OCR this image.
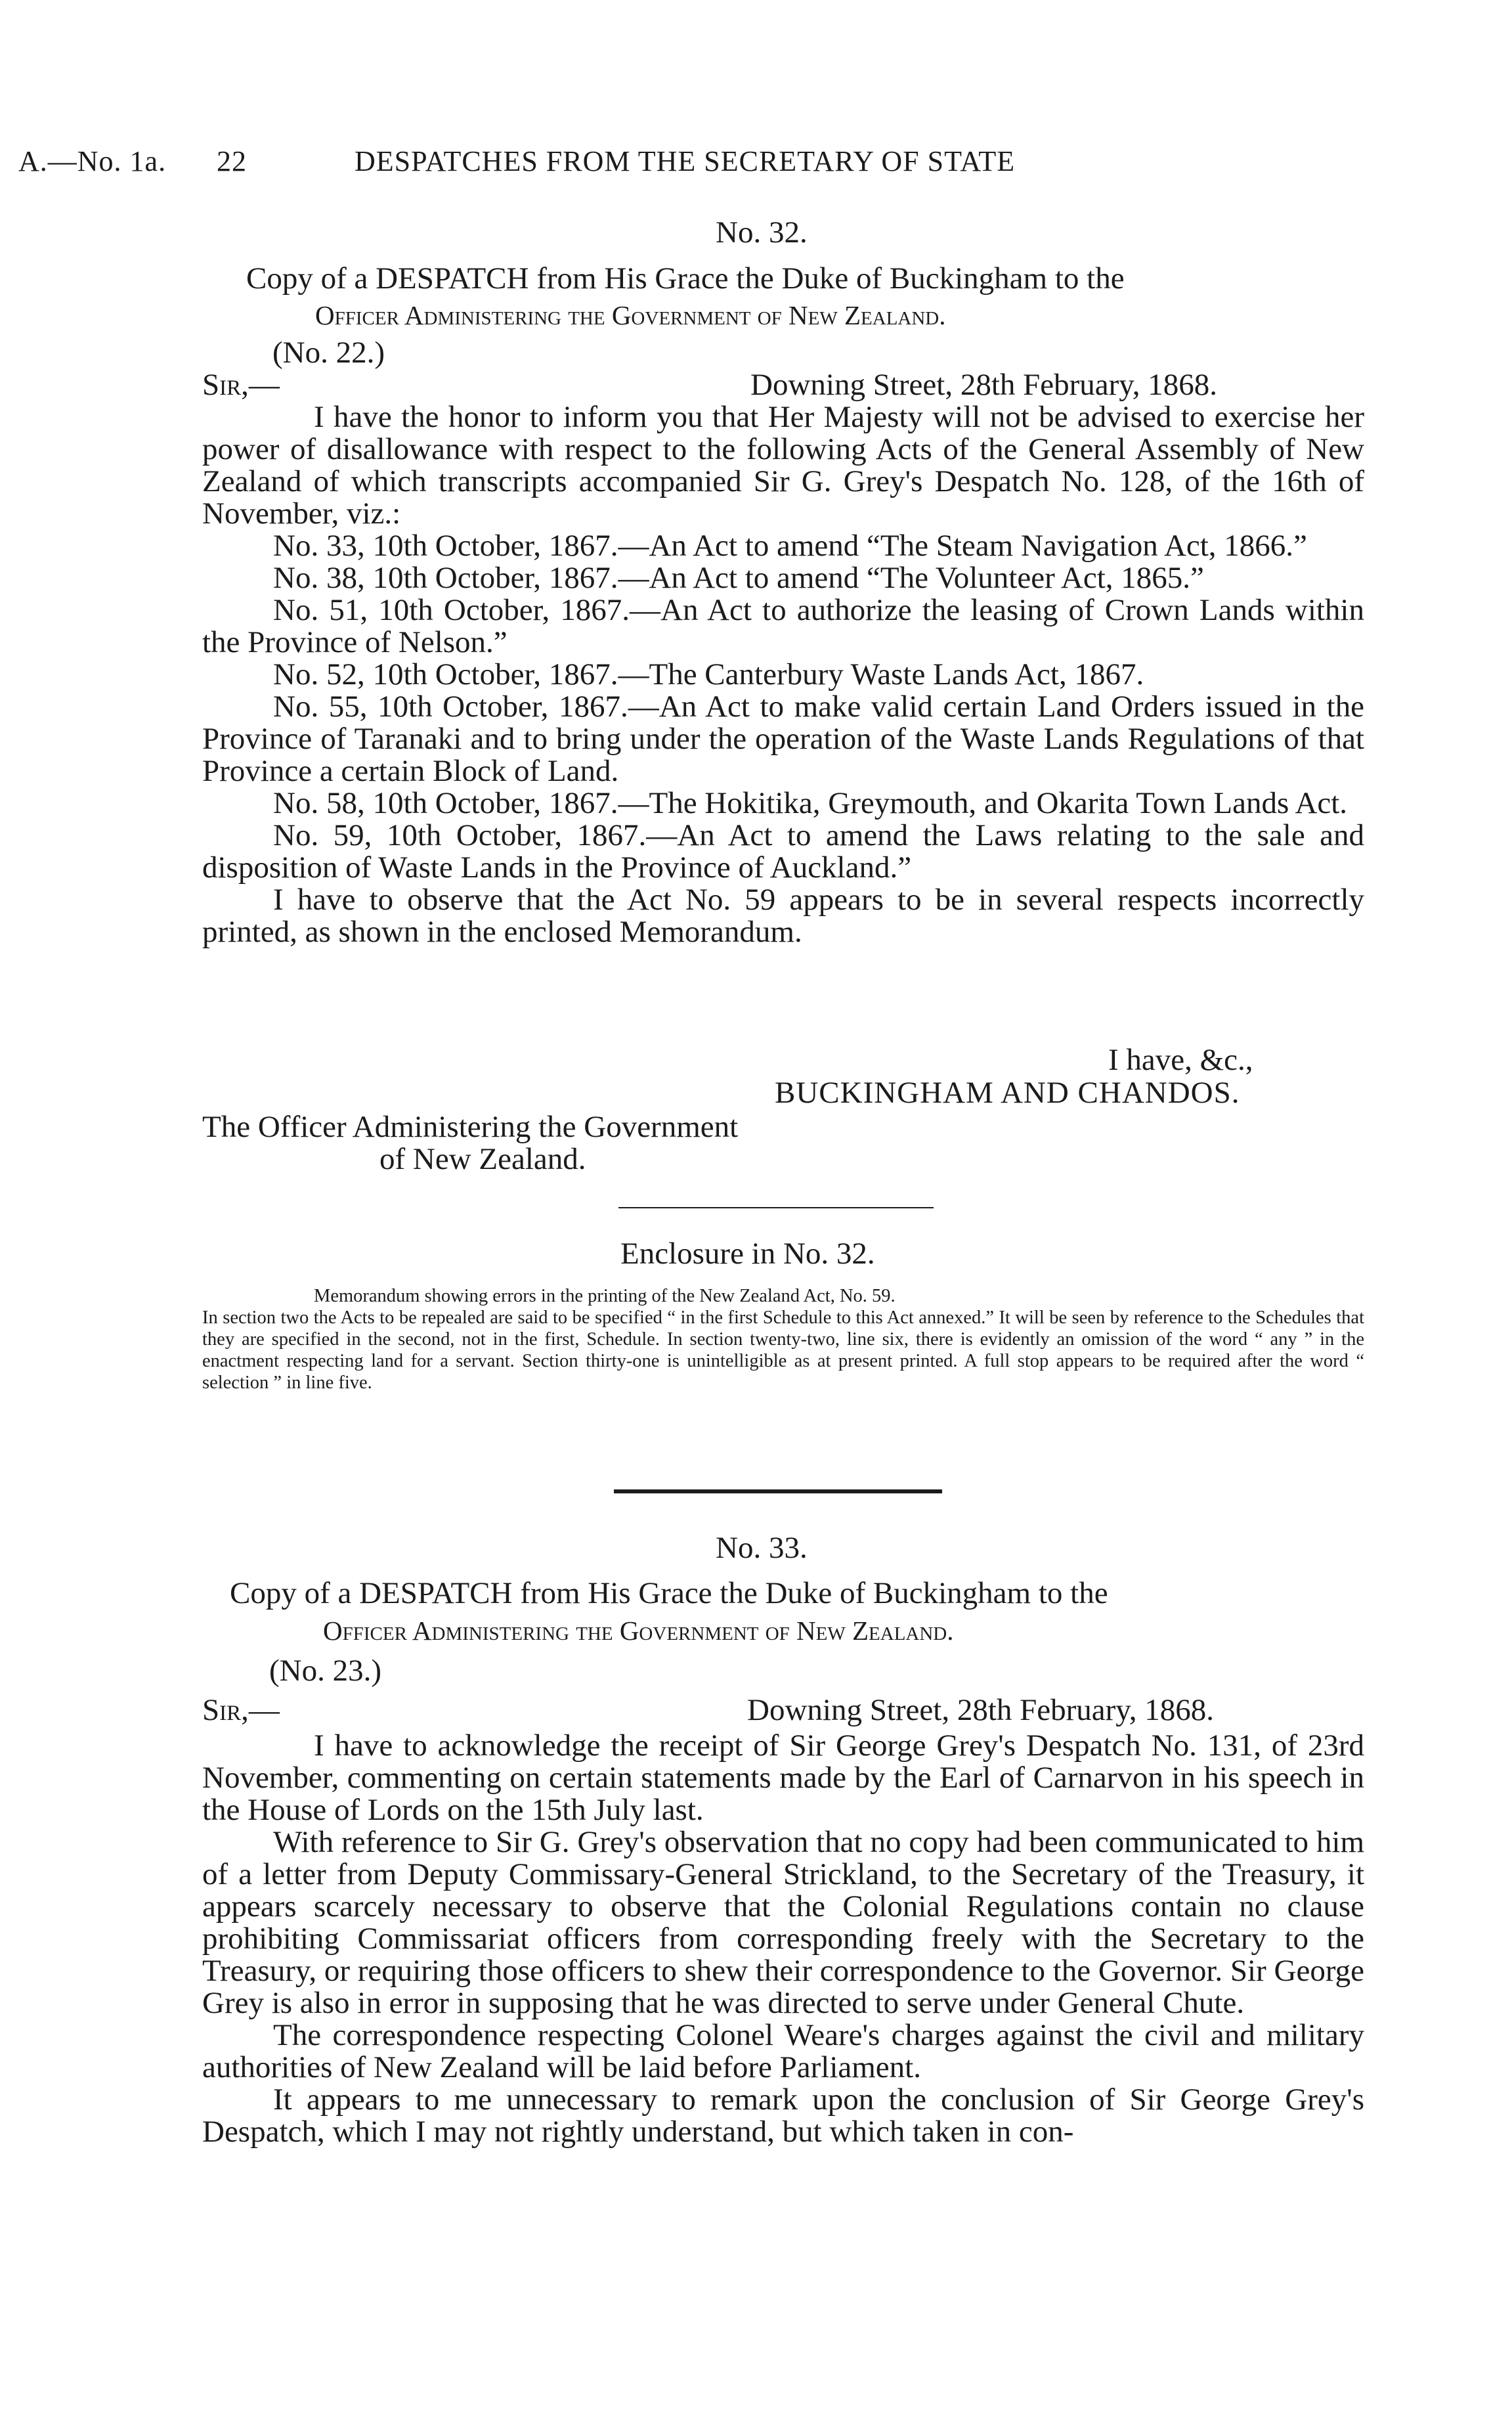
A.—No. 1a. 22	DESPATCHES FROM THE SECRETARY OF STATE
No. 32.
Copy of a DESPATCH from His Grace the Duke of Buckingham to the
Officer Administering the Government of New Zealand.
(No. 22.)
Sir,—	Downing Street, 28th February, 1868.

I have the honor to inform you that Her Majesty will not be advised to exercise her power of disallowance with respect to the following Acts of the General Assembly of New Zealand of which transcripts accompanied Sir G. Grey's Despatch No. 128, of the 16th of November, viz.:

No. 33, 10th October, 1867.—An Act to amend “The Steam Navigation Act, 1866.”

No. 38, 10th October, 1867.—An Act to amend “The Volunteer Act, 1865.”

No. 51, 10th October, 1867.—An Act to authorize the leasing of Crown Lands within the Province of Nelson.”

No. 52, 10th October, 1867.—The Canterbury Waste Lands Act, 1867.

No. 55, 10th October, 1867.—An Act to make valid certain Land Orders issued in the Province of Taranaki and to bring under the operation of the Waste Lands Regulations of that Province a certain Block of Land.

No. 58, 10th October, 1867.—The Hokitika, Greymouth, and Okarita Town Lands Act.

No. 59, 10th October, 1867.—An Act to amend the Laws relating to the sale and disposition of Waste Lands in the Province of Auckland.”

I have to observe that the Act No. 59 appears to be in several respects incorrectly printed, as shown in the enclosed Memorandum.

I have, &c.,
BUCKINGHAM AND CHANDOS.
The Officer Administering the Government
of New Zealand.
Enclosure in No. 32.

Memorandum showing errors in the printing of the New Zealand Act, No. 59.

In section two the Acts to be repealed are said to be specified “ in the first Schedule to this Act annexed.” It will be seen by reference to the Schedules that they are specified in the second, not in the first, Schedule. In section twenty-two, line six, there is evidently an omission of the word “ any ” in the enactment respecting land for a servant. Section thirty-one is unintelligible as at present printed. A full stop appears to be required after the word “ selection ” in line five.

No. 33.
Copy of a DESPATCH from His Grace the Duke of Buckingham to the
Officer Administering the Government of New Zealand.
(No. 23.)
Sir,—	Downing Street, 28th February, 1868.

I have to acknowledge the receipt of Sir George Grey's Despatch No. 131, of 23rd November, commenting on certain statements made by the Earl of Carnarvon in his speech in the House of Lords on the 15th July last.

With reference to Sir G. Grey's observation that no copy had been communicated to him of a letter from Deputy Commissary-General Strickland, to the Secretary of the Treasury, it appears scarcely necessary to observe that the Colonial Regulations contain no clause prohibiting Commissariat officers from corresponding freely with the Secretary to the Treasury, or requiring those officers to shew their correspondence to the Governor. Sir George Grey is also in error in supposing that he was directed to serve under General Chute.

The correspondence respecting Colonel Weare's charges against the civil and military authorities of New Zealand will be laid before Parliament.

It appears to me unnecessary to remark upon the conclusion of Sir George Grey's Despatch, which I may not rightly understand, but which taken in con-
